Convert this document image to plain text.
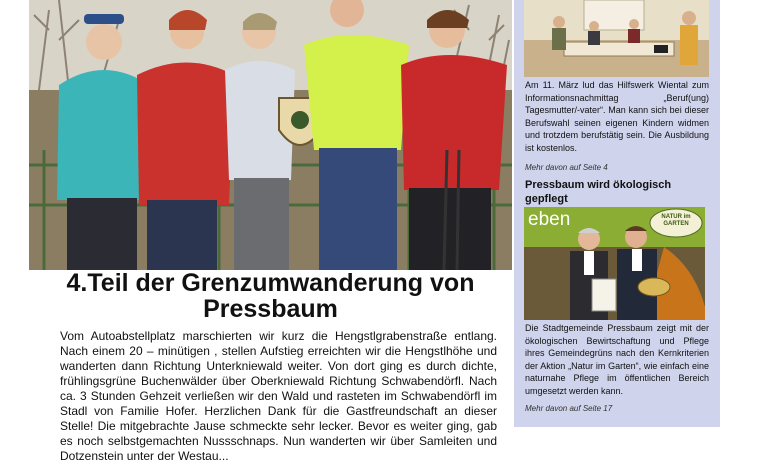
4.Teil der Grenzumwanderung von Pressbaum

Vom Autoabstellplatz marschierten wir kurz die Hengstlgrabenstraße entlang. Nach einem 20 – minütigen , stellen Aufstieg erreichten wir die Hengstlhöhe und wanderten dann Richtung Unterkniewald weiter. Von dort ging es durch dichte, frühlingsgrüne Buchenwälder über Oberkniewald Richtung Schwabendörfl. Nach ca. 3 Stunden Gehzeit verließen wir den Wald und rasteten im Schwabendörfl im Stadl von Familie Hofer. Herzlichen Dank für die Gastfreundschaft an dieser Stelle! Die mitgebrachte Jause schmeckte sehr lecker. Bevor es weiter ging, gab es noch selbstgemachten Nussschnaps. Nun wanderten wir über Samleiten und Dotzenstein unter der Westau...

Am 11. März lud das Hilfswerk Wiental zum Informationsnachmittag „Beruf(ung) Tagesmutter/-vater“. Man kann sich bei dieser Berufswahl seinen eigenen Kindern widmen und trotzdem berufstätig sein. Die Ausbildung ist kostenlos.

Mehr davon auf Seite 4

Pressbaum wird ökologisch gepflegt
eben	NATUR im GARTEN

Die Stadtgemeinde Pressbaum zeigt mit der ökologischen Bewirtschaftung und Pflege ihres Gemeindegrüns nach den Kernkriterien der Aktion „Natur im Garten“, wie einfach eine naturnahe Pflege im öffentlichen Bereich umgesetzt werden kann.

Mehr davon auf Seite 17
